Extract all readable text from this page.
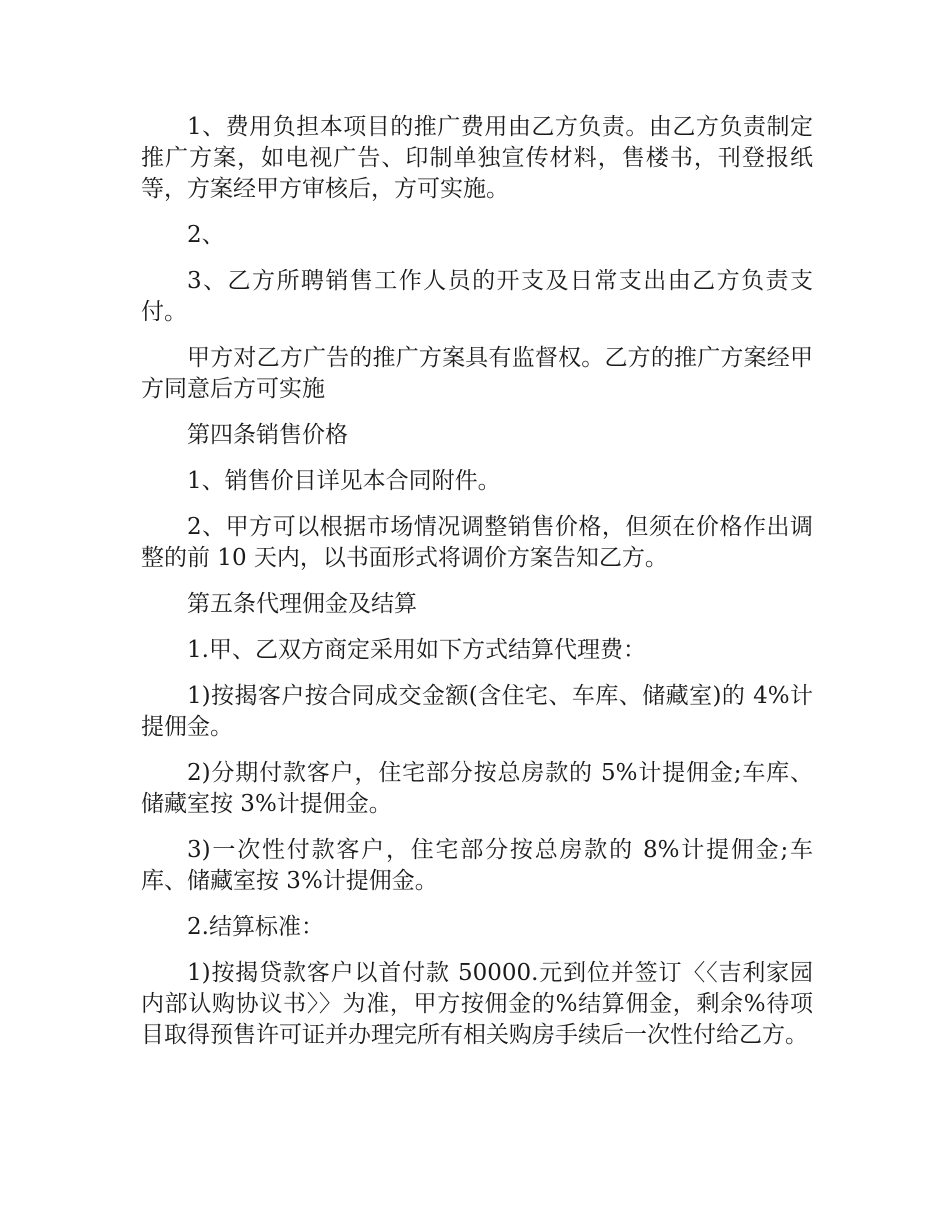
1、费用负担本项目的推广费用由乙方负责。由乙方负责制定推广方案，如电视广告、印制单独宣传材料，售楼书，刊登报纸等，方案经甲方审核后，方可实施。

2、

3、乙方所聘销售工作人员的开支及日常支出由乙方负责支付。

甲方对乙方广告的推广方案具有监督权。乙方的推广方案经甲方同意后方可实施

第四条销售价格

1、销售价目详见本合同附件。

2、甲方可以根据市场情况调整销售价格，但须在价格作出调整的前 10 天内，以书面形式将调价方案告知乙方。

第五条代理佣金及结算

1.甲、乙双方商定采用如下方式结算代理费：

1)按揭客户按合同成交金额(含住宅、车库、储藏室)的 4%计提佣金。

2)分期付款客户，住宅部分按总房款的 5%计提佣金;车库、储藏室按 3%计提佣金。

3)一次性付款客户，住宅部分按总房款的 8%计提佣金;车库、储藏室按 3%计提佣金。

2.结算标准：

1)按揭贷款客户以首付款 50000.元到位并签订〈〈吉利家园内部认购协议书〉〉为准，甲方按佣金的%结算佣金，剩余%待项目取得预售许可证并办理完所有相关购房手续后一次性付给乙方。
